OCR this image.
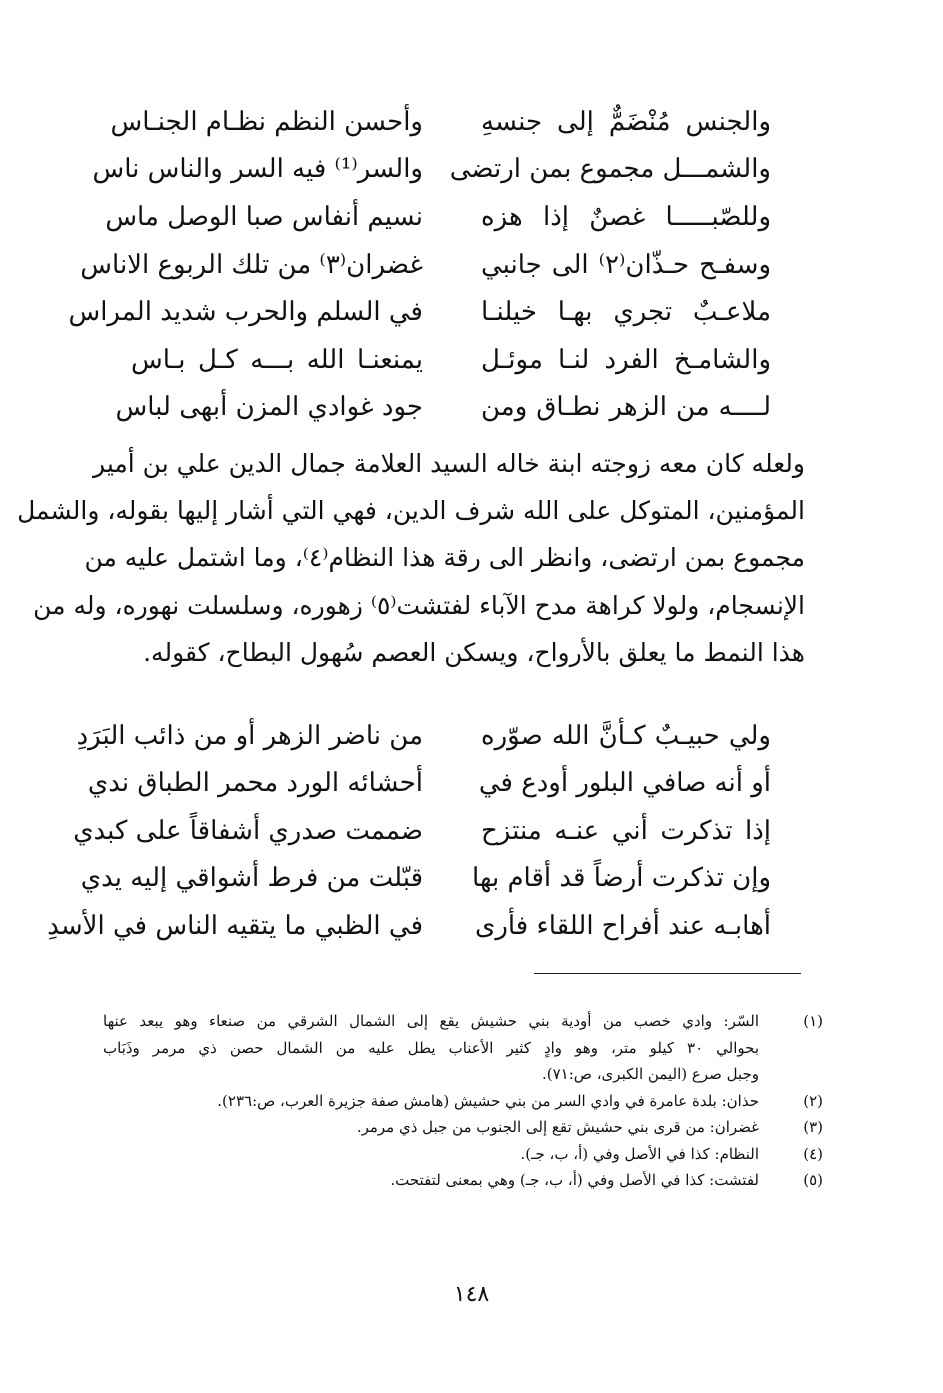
والجنس مُنْضَمٌّ إلى جنسهِ
وأحسن النظم نظـام الجنـاس
والشمـــل مجموع بمن ارتضى
والسر⁽¹⁾ فيه السر والناس ناس
وللصّبـــــا غصنٌ إذا هزه
نسيم أنفاس صبا الوصل ماس
وسفـح حـذّان⁽٢⁾ الى جانبي
غضران⁽٣⁾ من تلك الربوع الاناس
ملاعـبٌ تجري بهـا خيلنـا
في السلم والحرب شديد المراس
والشامـخ الفرد لنـا موئـل
يمنعنـا الله بـــه كـل بـاس
لــــه من الزهر نطـاق ومن
جود غوادي المزن أبهى لباس
ولعله كان معه زوجته ابنة خاله السيد العلامة جمال الدين علي بن أمير
المؤمنين، المتوكل على الله شرف الدين، فهي التي أشار إليها بقوله، والشمل
مجموع بمن ارتضى، وانظر الى رقة هذا النظام⁽٤⁾، وما اشتمل عليه من
الإنسجام، ولولا كراهة مدح الآباء لفتشت⁽٥⁾ زهوره، وسلسلت نهوره، وله من
هذا النمط ما يعلق بالأرواح، ويسكن العصم سُهول البطاح، كقوله.
ولي حبيـبٌ كـأنَّ الله صوّره
من ناضر الزهر أو من ذائب البَرَدِ
أو أنه صافي البلور أودع في
أحشائه الورد محمر الطباق ندي
إذا تذكرت أني عنـه منتزح
ضممت صدري أشفاقاً على كبدي
وإن تذكرت أرضاً قد أقام بها
قبّلت من فرط أشواقي إليه يدي
أهابـه عند أفراح اللقاء فأرى
في الظبي ما يتقيه الناس في الأسدِ
(١)
السّر: وادي خصب من أودية بني حشيش يقع إلى الشمال الشرقي من صنعاء وهو يبعد عنها
بحوالي ٣٠ كيلو متر، وهو وادٍ كثير الأعناب يطل عليه من الشمال حصن ذي مرمر وذَبَاب
وجبل صرع (اليمن الكبرى، ص:٧١).
(٢)
حذان: بلدة عامرة في وادي السر من بني حشيش (هامش صفة جزيرة العرب، ص:٢٣٦).
(٣)
غضران: من قرى بني حشيش تقع إلى الجنوب من جبل ذي مرمر.
(٤)
النظام: كذا في الأصل وفي (أ، ب، جـ).
(٥)
لفتشت: كذا في الأصل وفي (أ، ب، جـ) وهي بمعنى لتفتحت.
١٤٨
